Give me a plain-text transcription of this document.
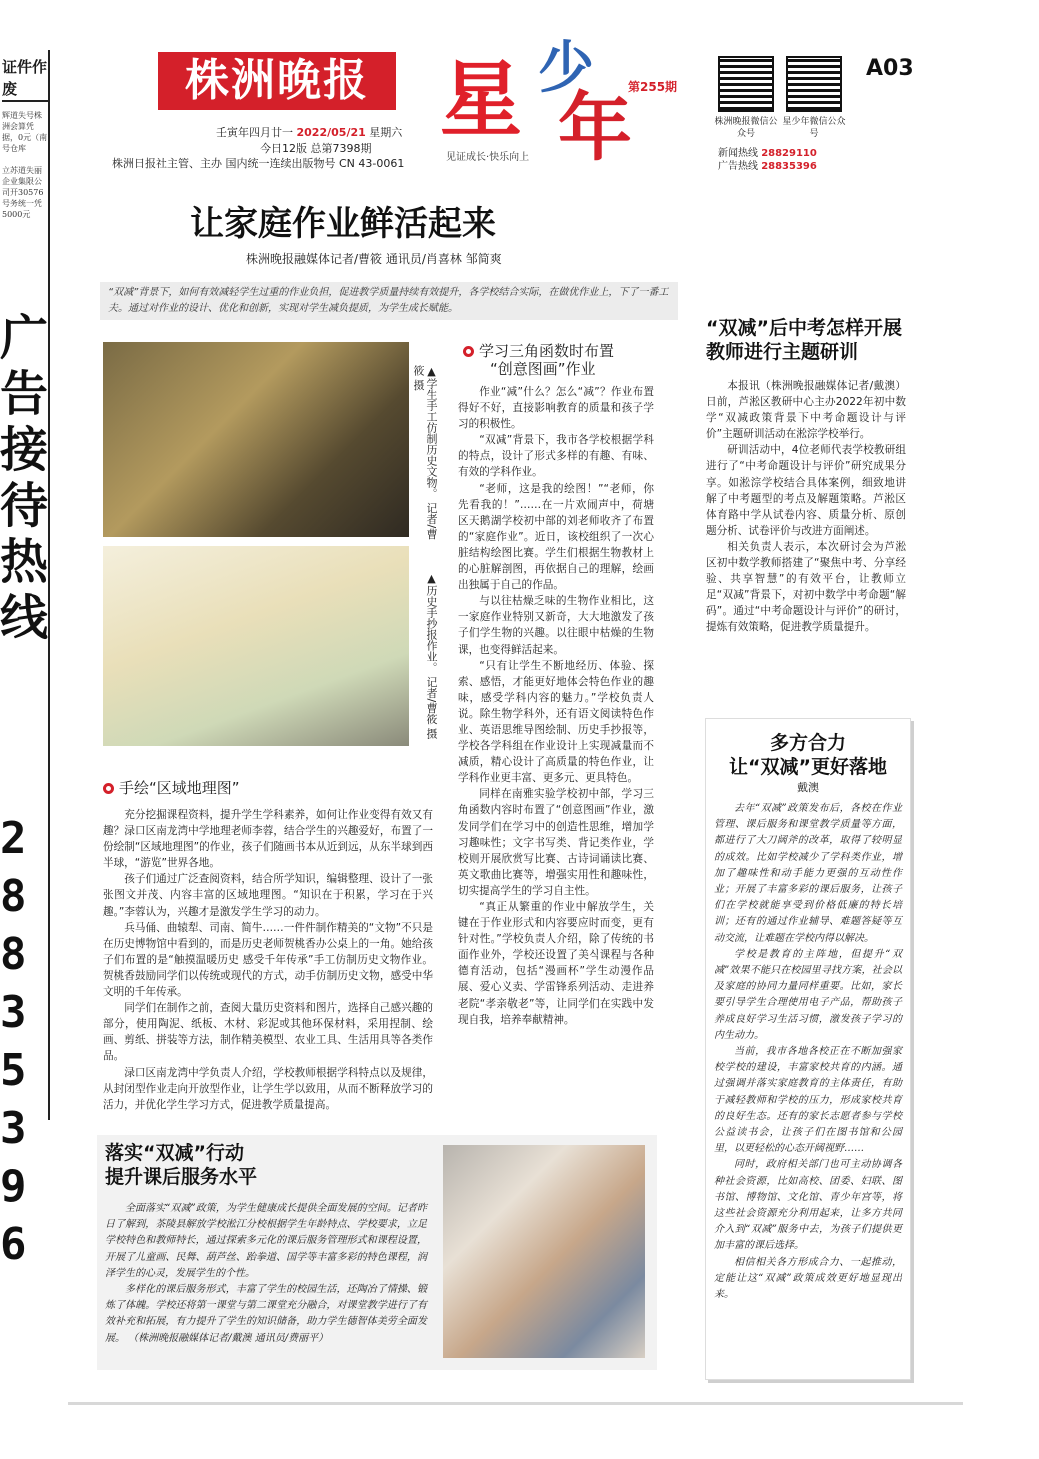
证件作废
辉道失号株洲会算凭据，0元（南号仓库

立苏道失丽企业集限公司开30576号务统一凭5000元
广告接待热线
28835396
株洲晚报
壬寅年四月廿一 2022/05/21 星期六
今日12版 总第7398期
株洲日报社主管、主办 国内统一连续出版物号 CN 43-0061
星 少
年
见证成长·快乐向上
第255期
株洲晚报微信公众号
星少年微信公众号
新闻热线 28829110
广告热线 28835396
A03
让家庭作业鲜活起来
株洲晚报融媒体记者/曹筱 通讯员/肖喜林 邹简爽
“双减”背景下，如何有效减轻学生过重的作业负担，促进教学质量持续有效提升，各学校结合实际，在做优作业上，下了一番工夫。通过对作业的设计、优化和创新，实现对学生减负提质，为学生成长赋能。
▲学生手工仿制历史文物。 记者/曹筱 摄
▲历史手抄报作业。 记者/曹筱 摄
学习三角函数时布置
“创意图画”作业

作业“减”什么？怎么“减”？作业布置得好不好，直接影响教育的质量和孩子学习的积极性。

“双减”背景下，我市各学校根据学科的特点，设计了形式多样的有趣、有味、有效的学科作业。

“老师，这是我的绘图！”“老师，你先看我的！”……在一片欢闹声中，荷塘区天鹅湖学校初中部的刘老师收齐了布置的“家庭作业”。近日，该校组织了一次心脏结构绘图比赛。学生们根据生物教材上的心脏解剖图，再依据自己的理解，绘画出独属于自己的作品。

与以往枯燥乏味的生物作业相比，这一家庭作业特别又新奇，大大地激发了孩子们学生物的兴趣。以往眼中枯燥的生物课，也变得鲜活起来。

“只有让学生不断地经历、体验、探索、感悟，才能更好地体会特色作业的趣味，感受学科内容的魅力。”学校负责人说。除生物学科外，还有语文阅读特色作业、英语思维导图绘制、历史手抄报等，学校各学科组在作业设计上实现减量而不减质，精心设计了高质量的特色作业，让学科作业更丰富、更多元、更具特色。

同样在南雅实验学校初中部，学习三角函数内容时布置了“创意图画”作业，激发同学们在学习中的创造性思维，增加学习趣味性；文字书写类、背记类作业，学校则开展欣赏写比赛、古诗词诵读比赛、英文歌曲比赛等，增强实用性和趣味性，切实提高学生的学习自主性。

“真正从繁重的作业中解放学生，关键在于作业形式和内容要应时而变，更有针对性。”学校负责人介绍，除了传统的书面作业外，学校还设置了美식课程与各种德育活动，包括“漫画杯”学生动漫作品展、爱心义卖、学雷锋系列活动、走进养老院“孝亲敬老”等，让同学们在实践中发现自我，培养奉献精神。

手绘“区域地理图”

充分挖掘课程资料，提升学生学科素养，如何让作业变得有效又有趣？渌口区南龙湾中学地理老师李蓉，结合学生的兴趣爱好，布置了一份绘制“区域地理图”的作业，孩子们随画书本从近到远，从东半球到西半球，“游览”世界各地。

孩子们通过广泛查阅资料，结合所学知识，编辑整理、设计了一张张图文并茂、内容丰富的区域地理图。“知识在于积累，学习在于兴趣。”李蓉认为，兴趣才是激发学生学习的动力。

兵马俑、曲辕犁、司南、简牛……一件件制作精美的“文物”不只是在历史博物馆中看到的，而是历史老师贺桃香办公桌上的一角。她给孩子们布置的是“触摸温暖历史 感受千年传承”手工仿制历史文物作业。贺桃香鼓励同学们以传统或现代的方式，动手仿制历史文物，感受中华文明的千年传承。

同学们在制作之前，查阅大量历史资料和图片，选择自己感兴趣的部分，使用陶泥、纸板、木材、彩泥或其他环保材料，采用捏制、绘画、剪纸、拼装等方法，制作精美模型、农业工具、生活用具等各类作品。

渌口区南龙湾中学负责人介绍，学校教师根据学科特点以及规律，从封闭型作业走向开放型作业，让学生学以致用，从而不断释放学习的活力，并优化学生学习方式，促进教学质量提高。

“双减”后中考怎样开展
教师进行主题研训

本报讯（株洲晚报融媒体记者/戴澳）日前，芦淞区教研中心主办2022年初中数学“双减政策背景下中考命题设计与评价”主题研训活动在淞淙学校举行。

研训活动中，4位老师代表学校教研组进行了“中考命题设计与评价”研究成果分享。如淞淙学校结合具体案例，细致地讲解了中考题型的考点及解题策略。芦淞区体育路中学从试卷内容、质量分析、原创题分析、试卷评价与改进方面阐述。

相关负责人表示，本次研讨会为芦淞区初中数学教师搭建了“聚焦中考、分享经验、共享智慧”的有效平台，让教师立足“双减”背景下，对初中数学中考命题“解码”。通过“中考命题设计与评价”的研讨，提炼有效策略，促进教学质量提升。

多方合力
让“双减”更好落地
戴澳

去年“双减”政策发布后，各校在作业管理、课后服务和课堂教学质量等方面，都进行了大刀阔斧的改革，取得了较明显的成效。比如学校减少了学科类作业，增加了趣味性和动手能力更强的互动性作业；开展了丰富多彩的课后服务，让孩子们在学校就能享受到价格低廉的特长培训；还有的通过作业辅导、难题答疑等互动交流，让难题在学校内得以解决。

学校是教育的主阵地，但提升“双减”效果不能只在校园里寻找方案，社会以及家庭的协同力量同样重要。比如，家长要引导学生合理使用电子产品，帮助孩子养成良好学习生活习惯，激发孩子学习的内生动力。

当前，我市各地各校正在不断加强家校学校的建设，丰富家校共育的内涵。通过强调并落实家庭教育的主体责任，有助于减轻教师和学校的压力，形成家校共育的良好生态。还有的家长志愿者参与学校公益读书会，让孩子们在图书馆和公园里，以更轻松的心态开阔视野……

同时，政府相关部门也可主动协调各种社会资源，比如高校、团委、妇联、图书馆、博物馆、文化馆、青少年宫等，将这些社会资源充分利用起来，让多方共同介入到“双减”服务中去，为孩子们提供更加丰富的课后选择。

相信相关各方形成合力、一起推动，定能让这“双减”政策成效更好地显现出来。

落实“双减”行动
提升课后服务水平

全面落实“双减”政策，为学生健康成长提供全面发展的空间。记者昨日了解到，茶陵县解放学校淞江分校根据学生年龄特点、学校要求，立足学校特色和教师特长，通过探索多元化的课后服务管理形式和课程设置，开展了儿童画、民舞、葫芦丝、跆拳道、国学等丰富多彩的特色课程，润泽学生的心灵，发展学生的个性。

多样化的课后服务形式，丰富了学生的校园生活，还陶冶了情操、锻炼了体魄。学校还将第一课堂与第二课堂充分融合，对课堂教学进行了有效补充和拓展，有力提升了学生的知识储备，助力学生德智体美劳全面发展。 （株洲晚报融媒体记者/戴澳 通讯员/费丽平）
